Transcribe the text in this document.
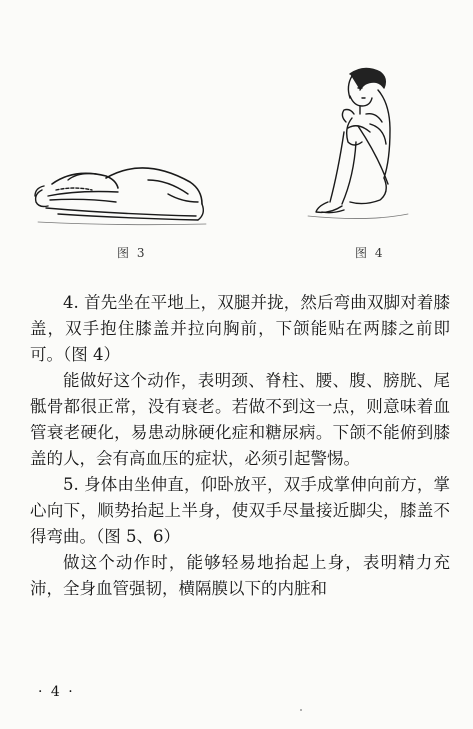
图 3	图 4

4. 首先坐在平地上，双腿并拢，然后弯曲双脚对着膝盖，双手抱住膝盖并拉向胸前，下颌能贴在两膝之前即可。（图 4）

能做好这个动作，表明颈、脊柱、腰、腹、膀胱、尾骶骨都很正常，没有衰老。若做不到这一点，则意味着血管衰老硬化，易患动脉硬化症和糖尿病。下颌不能俯到膝盖的人，会有高血压的症状，必须引起警惕。

5. 身体由坐伸直，仰卧放平，双手成掌伸向前方，掌心向下，顺势抬起上半身，使双手尽量接近脚尖，膝盖不得弯曲。（图 5、6）

做这个动作时，能够轻易地抬起上身，表明精力充沛，全身血管强韧，横隔膜以下的内脏和

· 4 ·
